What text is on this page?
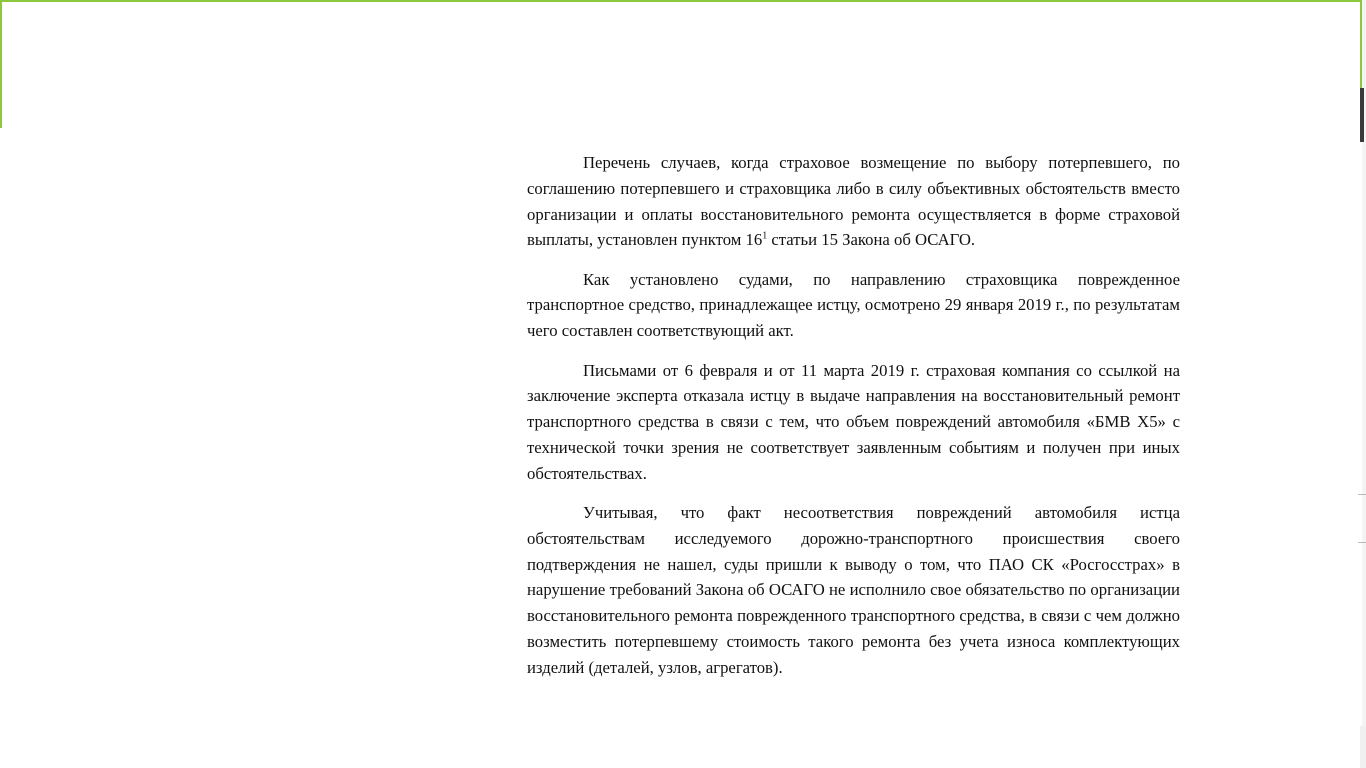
Перечень случаев, когда страховое возмещение по выбору потерпевшего, по соглашению потерпевшего и страховщика либо в силу объективных обстоятельств вместо организации и оплаты восстановительного ремонта осуществляется в форме страховой выплаты, установлен пунктом $16^1$ статьи 15 Закона об ОСАГО.

Как установлено судами, по направлению страховщика поврежденное транспортное средство, принадлежащее истцу, осмотрено 29 января 2019 г., по результатам чего составлен соответствующий акт.

Письмами от 6 февраля и от 11 марта 2019 г. страховая компания со ссылкой на заключение эксперта отказала истцу в выдаче направления на восстановительный ремонт транспортного средства в связи с тем, что объем повреждений автомобиля «БМВ Х5» с технической точки зрения не соответствует заявленным событиям и получен при иных обстоятельствах.

Учитывая, что факт несоответствия повреждений автомобиля истца обстоятельствам исследуемого дорожно-транспортного происшествия своего подтверждения не нашел, суды пришли к выводу о том, что ПАО СК «Росгосстрах» в нарушение требований Закона об ОСАГО не исполнило свое обязательство по организации восстановительного ремонта поврежденного транспортного средства, в связи с чем должно возместить потерпевшему стоимость такого ремонта без учета износа комплектующих изделий (деталей, узлов, агрегатов).
